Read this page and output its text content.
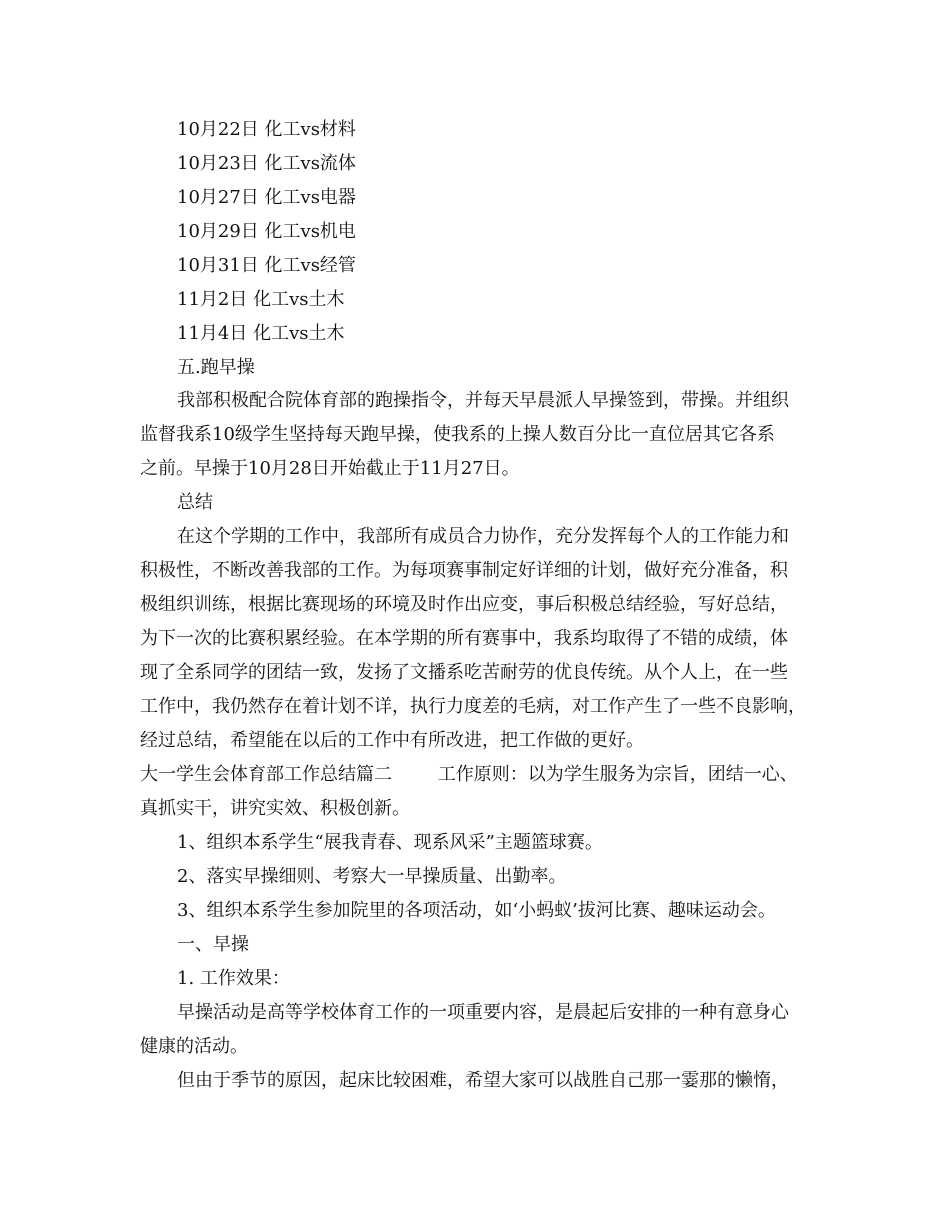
10月22日 化工vs材料
10月23日 化工vs流体
10月27日 化工vs电器
10月29日 化工vs机电
10月31日 化工vs经管
11月2日 化工vs土木
11月4日 化工vs土木
五.跑早操
我部积极配合院体育部的跑操指令，并每天早晨派人早操签到，带操。并组织
监督我系10级学生坚持每天跑早操，使我系的上操人数百分比一直位居其它各系
之前。早操于10月28日开始截止于11月27日。
总结
在这个学期的工作中，我部所有成员合力协作，充分发挥每个人的工作能力和
积极性，不断改善我部的工作。为每项赛事制定好详细的计划，做好充分准备，积
极组织训练，根据比赛现场的环境及时作出应变，事后积极总结经验，写好总结，
为下一次的比赛积累经验。在本学期的所有赛事中，我系均取得了不错的成绩，体
现了全系同学的团结一致，发扬了文播系吃苦耐劳的优良传统。从个人上，在一些
工作中，我仍然存在着计划不详，执行力度差的毛病，对工作产生了一些不良影响，
经过总结，希望能在以后的工作中有所改进，把工作做的更好。
大一学生会体育部工作总结篇二        工作原则：以为学生服务为宗旨，团结一心、
真抓实干，讲究实效、积极创新。
1、组织本系学生“展我青春、现系风采”主题篮球赛。
2、落实早操细则、考察大一早操质量、出勤率。
3、组织本系学生参加院里的各项活动，如‘小蚂蚁’拔河比赛、趣味运动会。
一、早操
1. 工作效果：
早操活动是高等学校体育工作的一项重要内容，是晨起后安排的一种有意身心
健康的活动。
但由于季节的原因，起床比较困难，希望大家可以战胜自己那一霎那的懒惰，
